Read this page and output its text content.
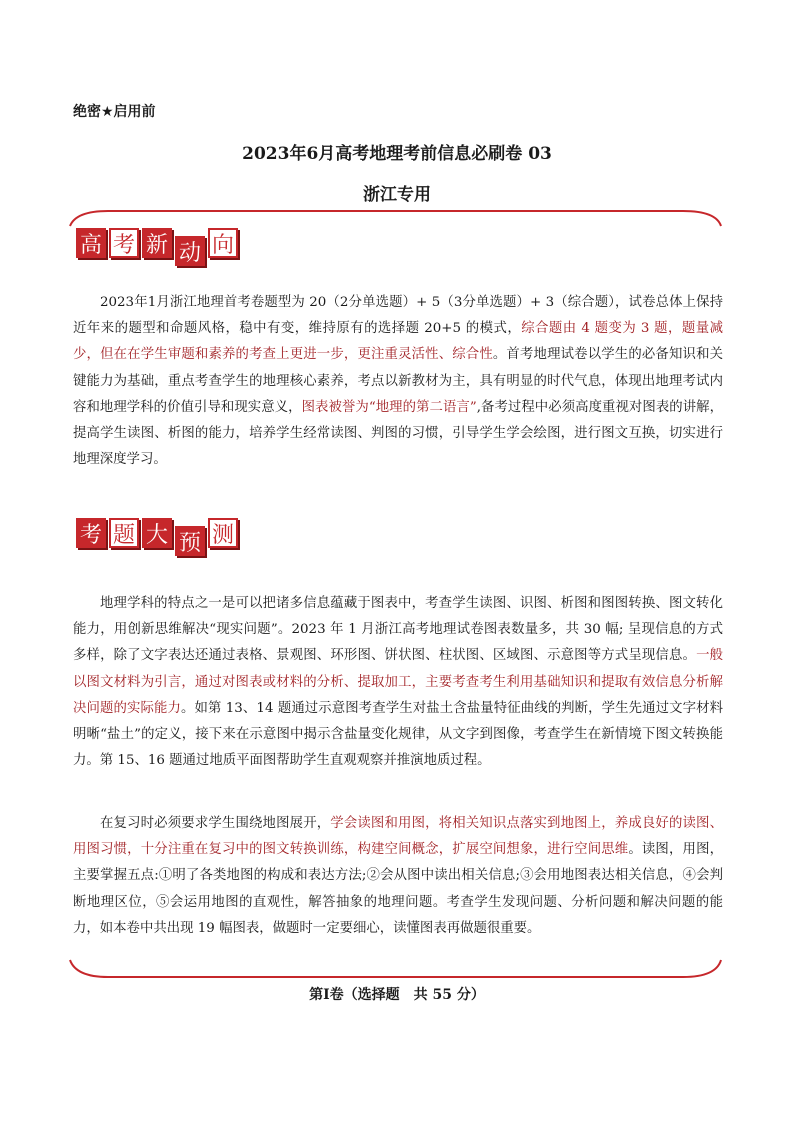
绝密★启用前
2023年6月高考地理考前信息必刷卷 03
浙江专用
高 考 新 动 向

2023年1月浙江地理首考卷题型为 20（2分单选题）+ 5（3分单选题）+ 3（综合题），试卷总体上保持近年来的题型和命题风格，稳中有变，维持原有的选择题 20+5 的模式，综合题由 4 题变为 3 题，题量减少，但在在学生审题和素养的考查上更进一步，更注重灵活性、综合性。首考地理试卷以学生的必备知识和关键能力为基础，重点考查学生的地理核心素养，考点以新教材为主，具有明显的时代气息，体现出地理考试内容和地理学科的价值引导和现实意义，图表被誉为“地理的第二语言”,备考过程中必须高度重视对图表的讲解，提高学生读图、析图的能力，培养学生经常读图、判图的习惯，引导学生学会绘图，进行图文互换，切实进行地理深度学习。

考 题 大 预 测

地理学科的特点之一是可以把诸多信息蕴藏于图表中，考查学生读图、识图、析图和图图转换、图文转化能力，用创新思维解决“现实问题”。2023 年 1 月浙江高考地理试卷图表数量多，共 30 幅; 呈现信息的方式多样，除了文字表达还通过表格、景观图、环形图、饼状图、柱状图、区域图、示意图等方式呈现信息。一般以图文材料为引言，通过对图表或材料的分析、提取加工，主要考查考生利用基础知识和提取有效信息分析解决问题的实际能力。如第 13、14 题通过示意图考查学生对盐土含盐量特征曲线的判断，学生先通过文字材料明晰“盐土”的定义，接下来在示意图中揭示含盐量变化规律，从文字到图像，考查学生在新情境下图文转换能力。第 15、16 题通过地质平面图帮助学生直观观察并推演地质过程。

在复习时必须要求学生围绕地图展开，学会读图和用图，将相关知识点落实到地图上，养成良好的读图、用图习惯，十分注重在复习中的图文转换训练，构建空间概念，扩展空间想象，进行空间思维。读图，用图，主要掌握五点:①明了各类地图的构成和表达方法;②会从图中读出相关信息;③会用地图表达相关信息，④会判断地理区位，⑤会运用地图的直观性，解答抽象的地理问题。考查学生发现问题、分析问题和解决问题的能力，如本卷中共出现 19 幅图表，做题时一定要细心，读懂图表再做题很重要。

第Ⅰ卷（选择题　共 55 分）
